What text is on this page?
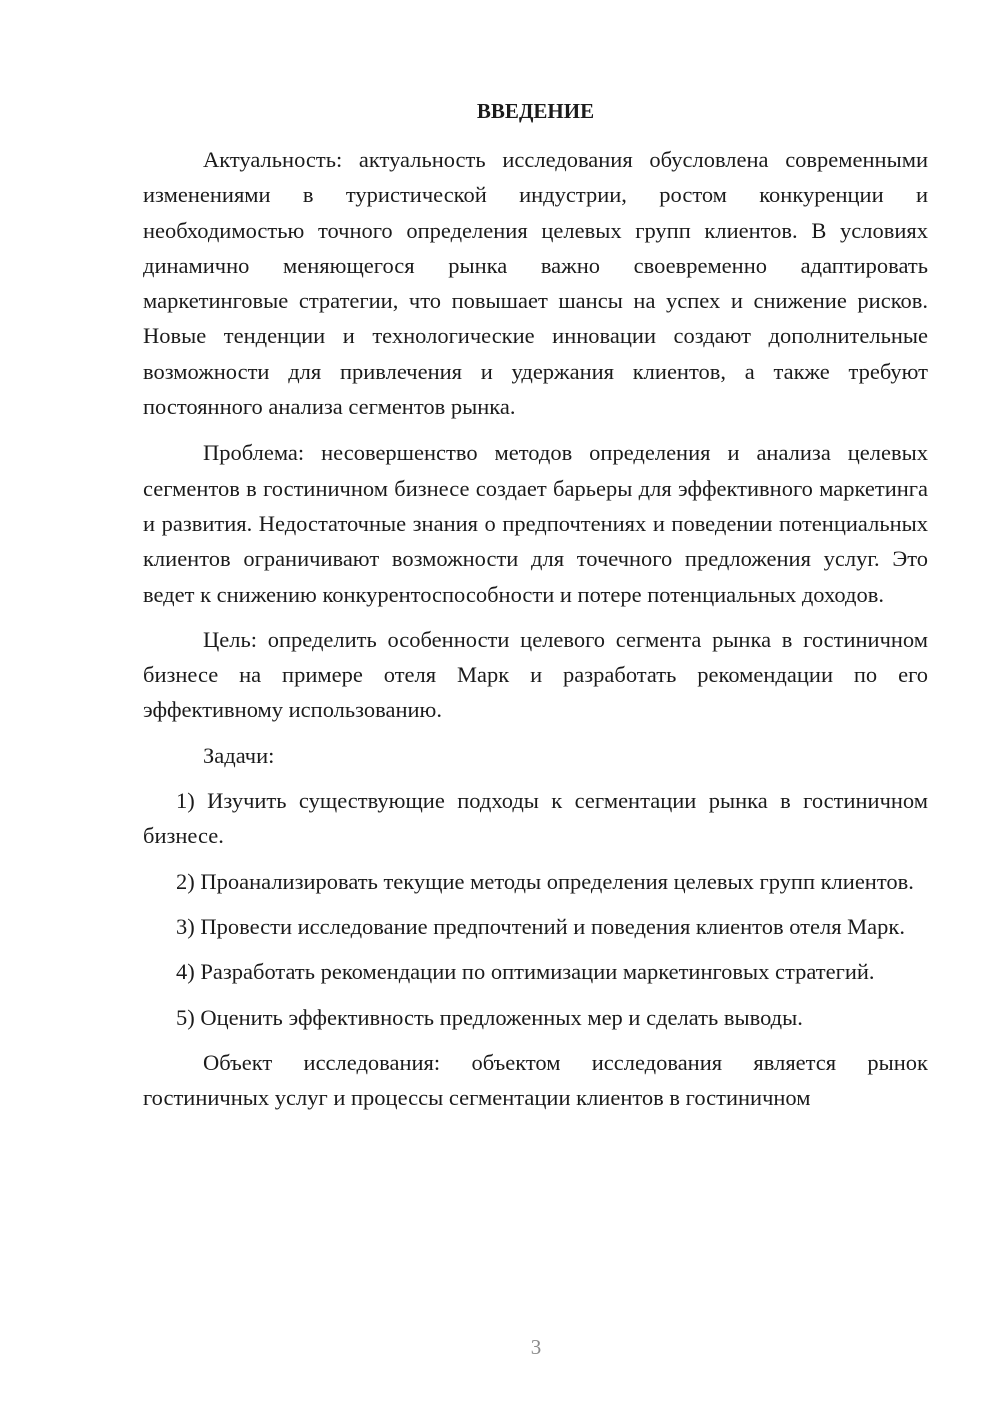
ВВЕДЕНИЕ

Актуальность: актуальность исследования обусловлена современными изменениями в туристической индустрии, ростом конкуренции и необходимостью точного определения целевых групп клиентов. В условиях динамично меняющегося рынка важно своевременно адаптировать маркетинговые стратегии, что повышает шансы на успех и снижение рисков. Новые тенденции и технологические инновации создают дополнительные возможности для привлечения и удержания клиентов, а также требуют постоянного анализа сегментов рынка.

Проблема: несовершенство методов определения и анализа целевых сегментов в гостиничном бизнесе создает барьеры для эффективного маркетинга и развития. Недостаточные знания о предпочтениях и поведении потенциальных клиентов ограничивают возможности для точечного предложения услуг. Это ведет к снижению конкурентоспособности и потере потенциальных доходов.

Цель: определить особенности целевого сегмента рынка в гостиничном бизнесе на примере отеля Марк и разработать рекомендации по его эффективному использованию.

Задачи:

1) Изучить существующие подходы к сегментации рынка в гостиничном бизнесе.

2) Проанализировать текущие методы определения целевых групп клиентов.

3) Провести исследование предпочтений и поведения клиентов отеля Марк.

4) Разработать рекомендации по оптимизации маркетинговых стратегий.

5) Оценить эффективность предложенных мер и сделать выводы.

Объект исследования: объектом исследования является рынок гостиничных услуг и процессы сегментации клиентов в гостиничном

3
